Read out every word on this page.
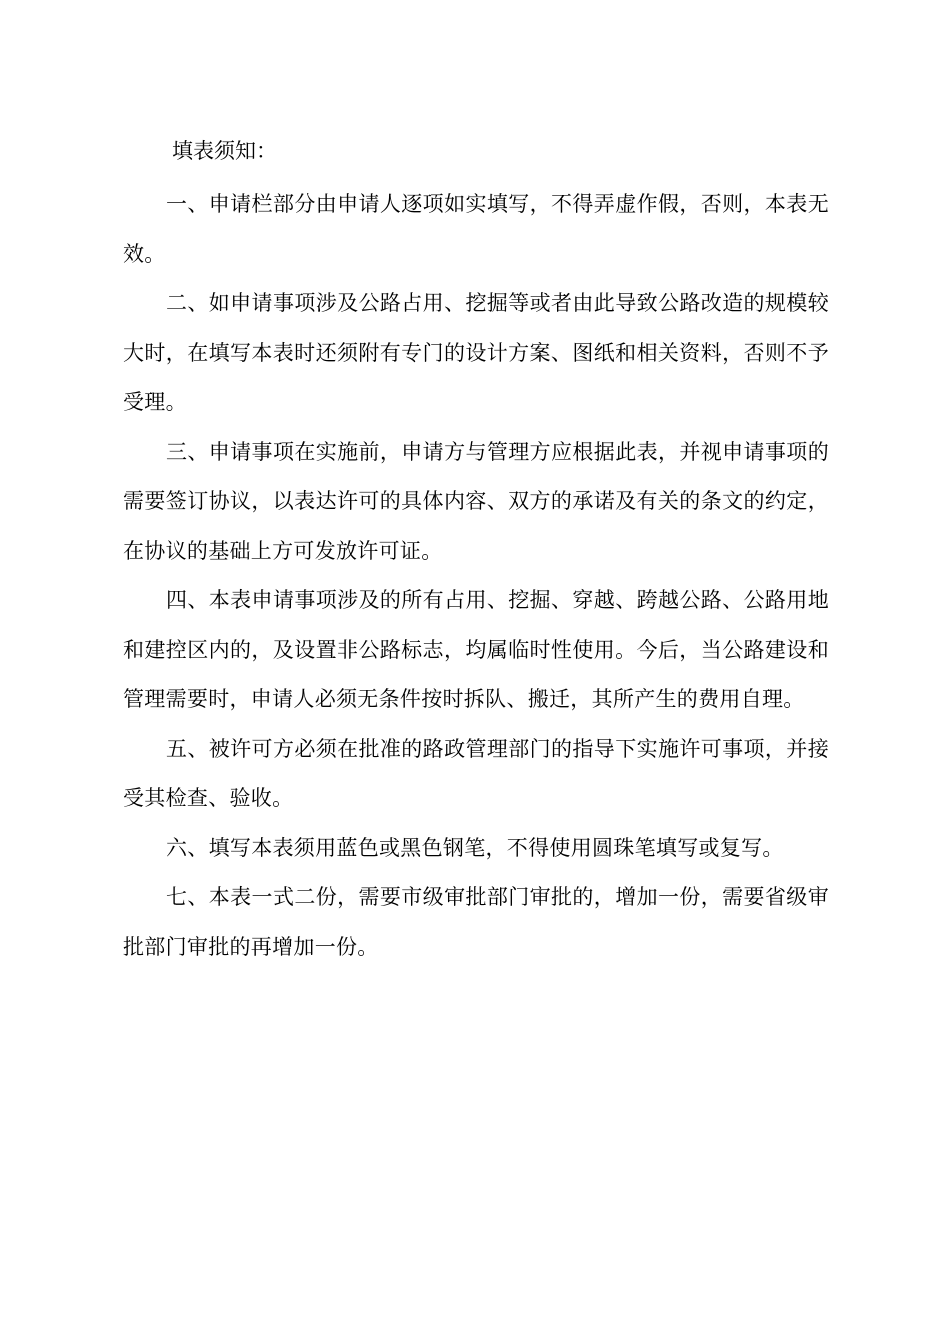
填表须知：

一、申请栏部分由申请人逐项如实填写，不得弄虚作假，否则，本表无效。

二、如申请事项涉及公路占用、挖掘等或者由此导致公路改造的规模较大时，在填写本表时还须附有专门的设计方案、图纸和相关资料，否则不予受理。

三、申请事项在实施前，申请方与管理方应根据此表，并视申请事项的需要签订协议，以表达许可的具体内容、双方的承诺及有关的条文的约定，在协议的基础上方可发放许可证。

四、本表申请事项涉及的所有占用、挖掘、穿越、跨越公路、公路用地和建控区内的，及设置非公路标志，均属临时性使用。今后，当公路建设和管理需要时，申请人必须无条件按时拆队、搬迁，其所产生的费用自理。

五、被许可方必须在批准的路政管理部门的指导下实施许可事项，并接受其检查、验收。

六、填写本表须用蓝色或黑色钢笔，不得使用圆珠笔填写或复写。

七、本表一式二份，需要市级审批部门审批的，增加一份，需要省级审批部门审批的再增加一份。
